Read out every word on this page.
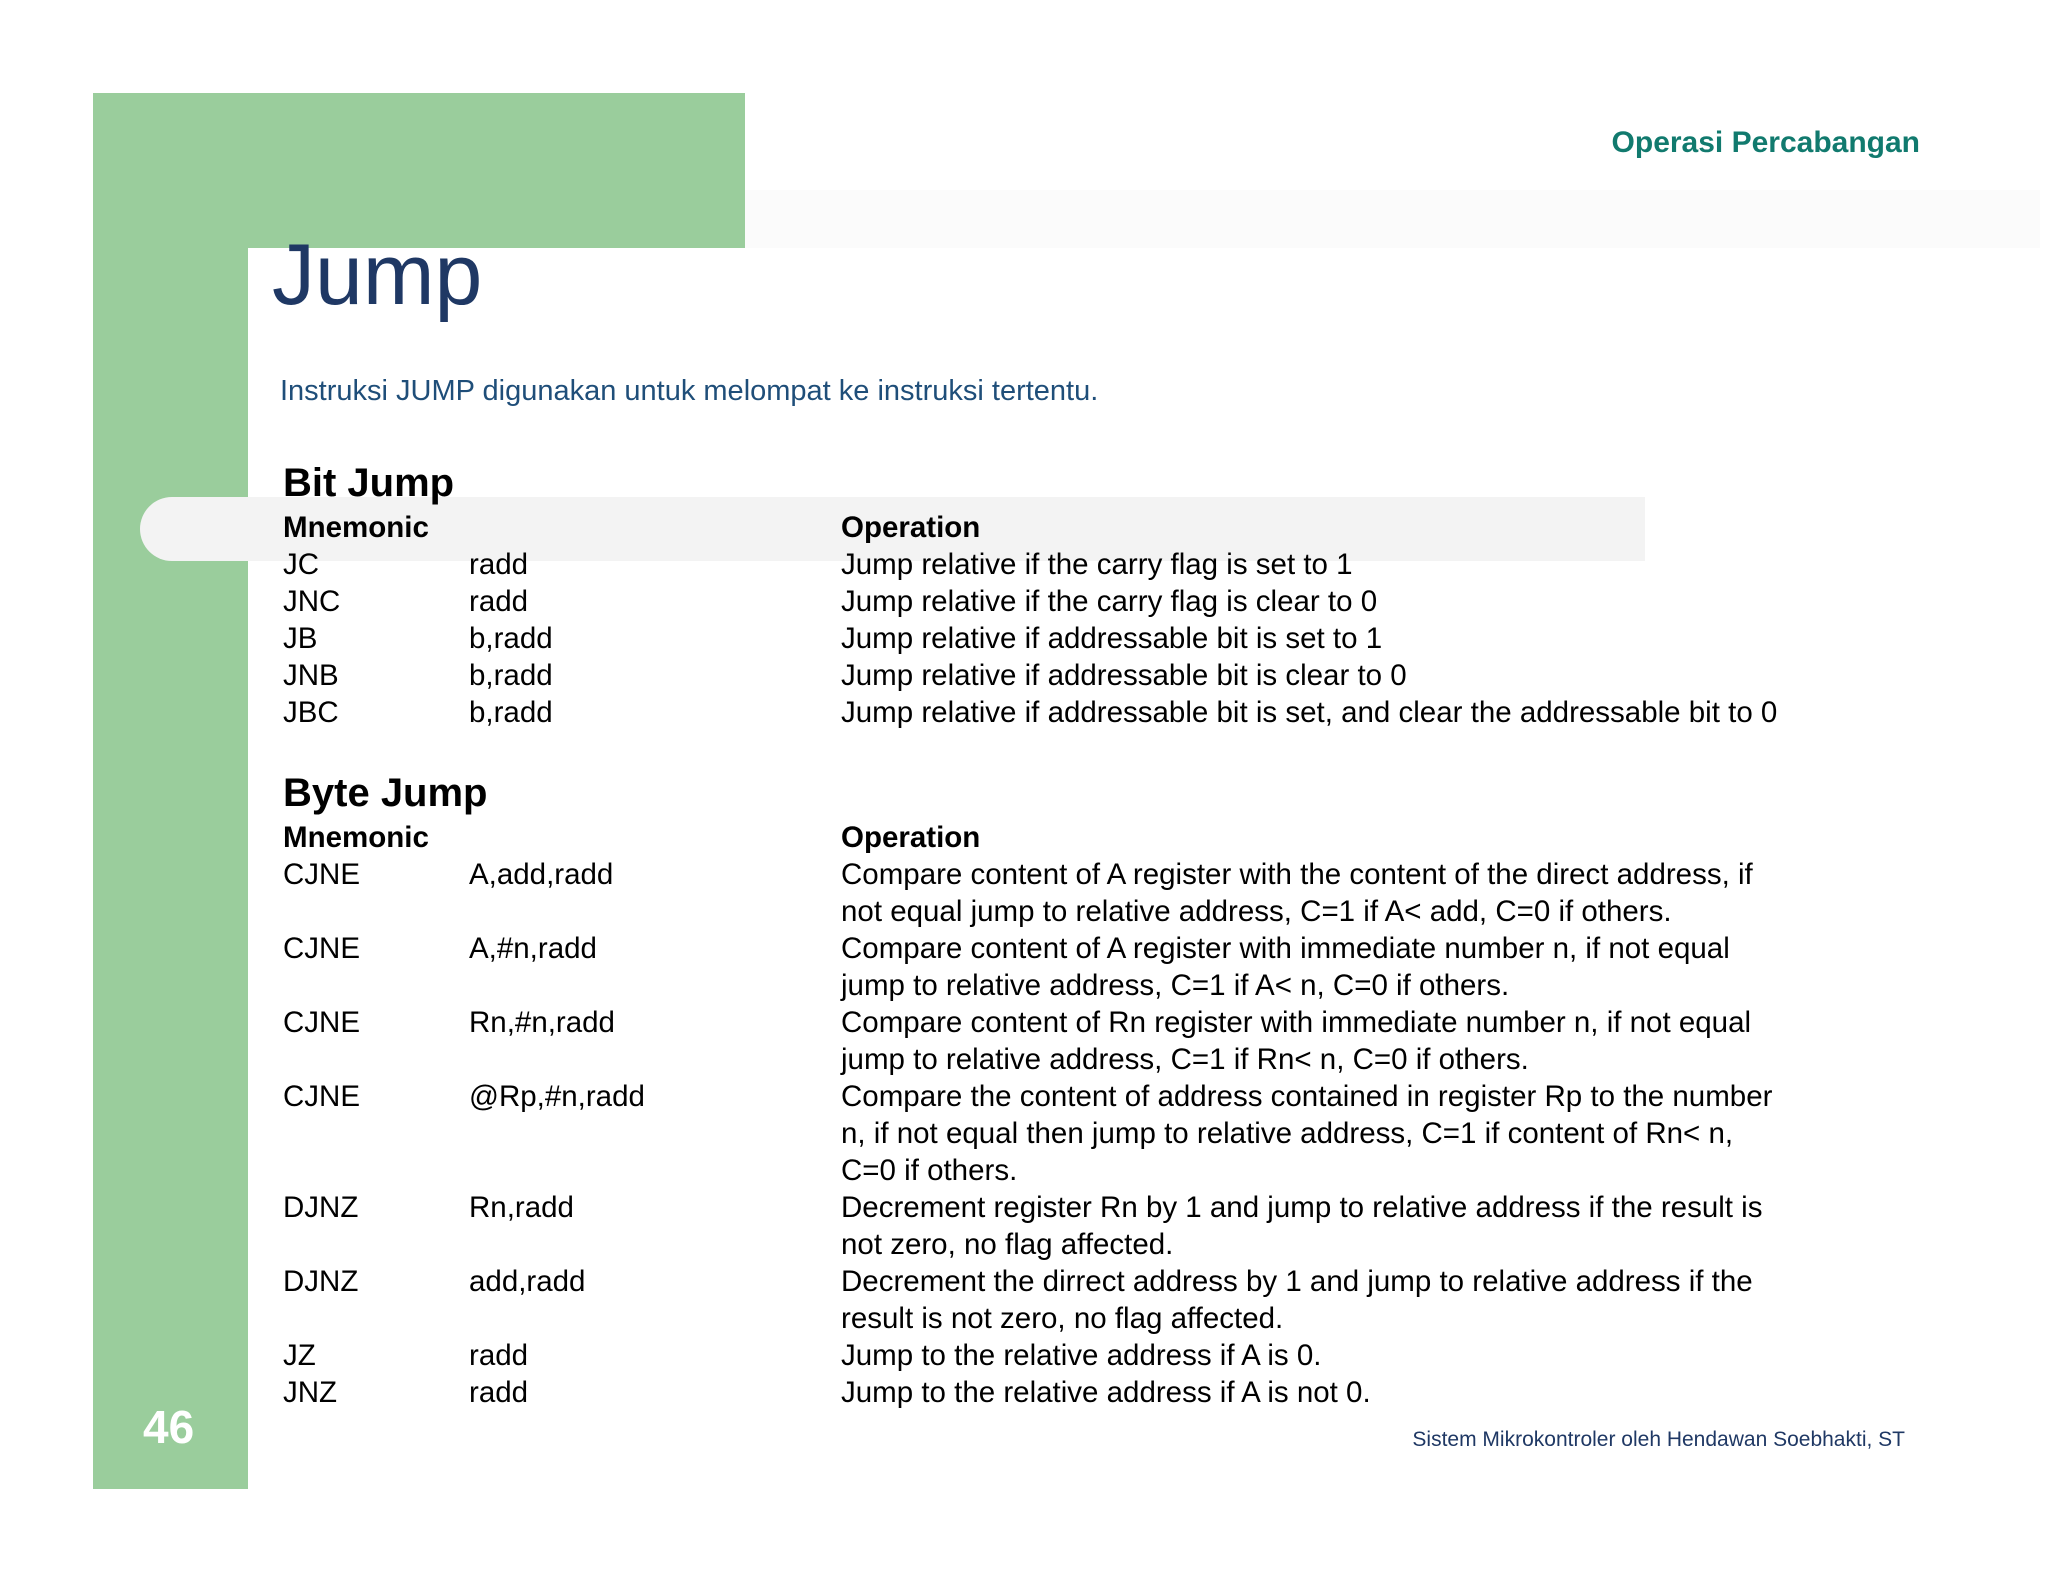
Operasi Percabangan
Jump
Instruksi JUMP digunakan untuk melompat ke instruksi tertentu.
Bit Jump
Mnemonic	Operation
JC	radd	Jump relative if the carry flag is set to 1
JNC	radd	Jump relative if the carry flag is clear to 0
JB	b,radd	Jump relative if addressable bit is set to 1
JNB	b,radd	Jump relative if addressable bit is clear to 0
JBC	b,radd	Jump relative if addressable bit is set, and clear the addressable bit to 0
Byte Jump
Mnemonic	Operation
CJNE	A,add,radd	Compare content of A register with the content of the direct address, if
not equal jump to relative address, C=1 if A< add, C=0 if others.
CJNE	A,#n,radd	Compare content of A register with immediate number n, if not equal
jump to relative address, C=1 if A< n, C=0 if others.
CJNE	Rn,#n,radd	Compare content of Rn register with immediate number n, if not equal
jump to relative address, C=1 if Rn< n, C=0 if others.
CJNE	@Rp,#n,radd	Compare the content of address contained in register Rp to the number
n, if not equal then jump to relative address, C=1 if content of Rn< n,
C=0 if others.
DJNZ	Rn,radd	Decrement register Rn by 1 and jump to relative address if the result is
not zero, no flag affected.
DJNZ	add,radd	Decrement the dirrect address by 1 and jump to relative address if the
result is not zero, no flag affected.
JZ	radd	Jump to the relative address if A is 0.
JNZ	radd	Jump to the relative address if A is not 0.
46	Sistem Mikrokontroler oleh Hendawan Soebhakti, ST
